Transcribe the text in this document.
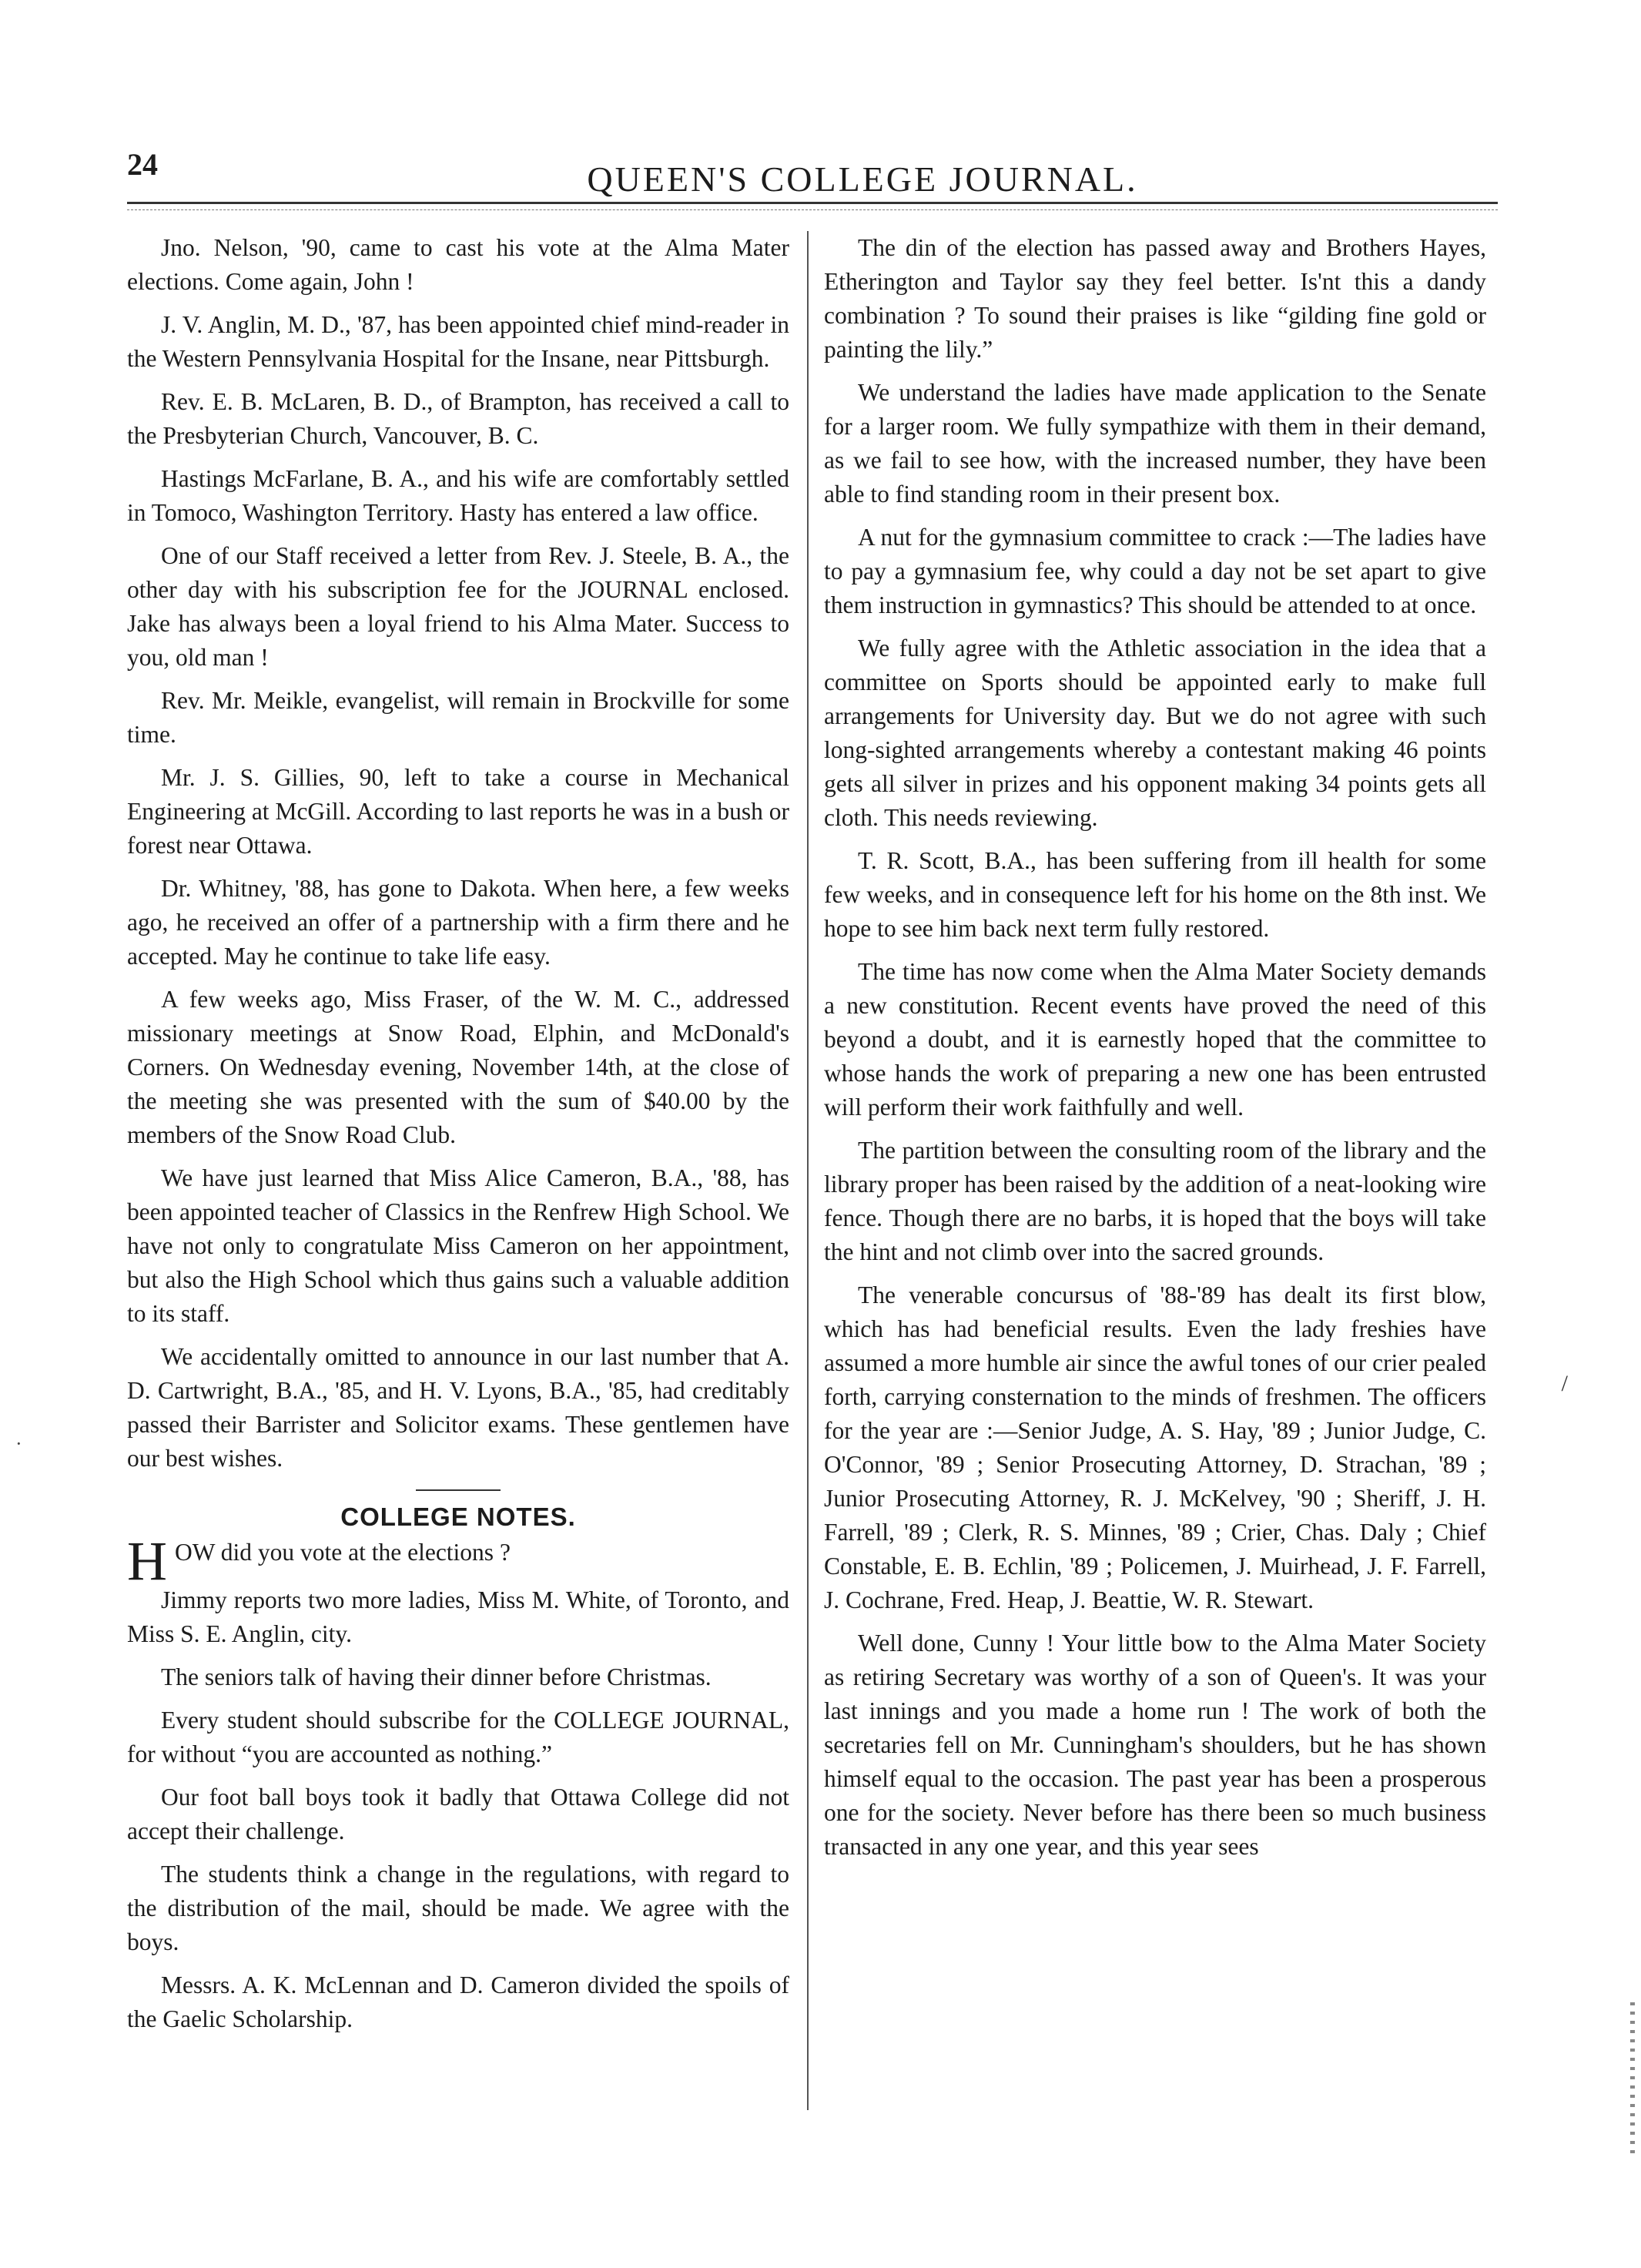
24	QUEEN'S COLLEGE JOURNAL.

Jno. Nelson, '90, came to cast his vote at the Alma Mater elections. Come again, John !

J. V. Anglin, M. D., '87, has been appointed chief mind-reader in the Western Pennsylvania Hospital for the Insane, near Pittsburgh.

Rev. E. B. McLaren, B. D., of Brampton, has received a call to the Presbyterian Church, Vancouver, B. C.

Hastings McFarlane, B. A., and his wife are comfortably settled in Tomoco, Washington Territory. Hasty has entered a law office.

One of our Staff received a letter from Rev. J. Steele, B. A., the other day with his subscription fee for the JOURNAL enclosed. Jake has always been a loyal friend to his Alma Mater. Success to you, old man !

Rev. Mr. Meikle, evangelist, will remain in Brockville for some time.

Mr. J. S. Gillies, 90, left to take a course in Mechanical Engineering at McGill. According to last reports he was in a bush or forest near Ottawa.

Dr. Whitney, '88, has gone to Dakota. When here, a few weeks ago, he received an offer of a partnership with a firm there and he accepted. May he continue to take life easy.

A few weeks ago, Miss Fraser, of the W. M. C., addressed missionary meetings at Snow Road, Elphin, and McDonald's Corners. On Wednesday evening, November 14th, at the close of the meeting she was presented with the sum of $40.00 by the members of the Snow Road Club.

We have just learned that Miss Alice Cameron, B.A., '88, has been appointed teacher of Classics in the Renfrew High School. We have not only to congratulate Miss Cameron on her appointment, but also the High School which thus gains such a valuable addition to its staff.

We accidentally omitted to announce in our last number that A. D. Cartwright, B.A., '85, and H. V. Lyons, B.A., '85, had creditably passed their Barrister and Solicitor exams. These gentlemen have our best wishes.

COLLEGE NOTES.

H OW did you vote at the elections ?

Jimmy reports two more ladies, Miss M. White, of Toronto, and Miss S. E. Anglin, city.

The seniors talk of having their dinner before Christmas.

Every student should subscribe for the COLLEGE JOURNAL, for without “you are accounted as nothing.”

Our foot ball boys took it badly that Ottawa College did not accept their challenge.

The students think a change in the regulations, with regard to the distribution of the mail, should be made. We agree with the boys.

Messrs. A. K. McLennan and D. Cameron divided the spoils of the Gaelic Scholarship.

The din of the election has passed away and Brothers Hayes, Etherington and Taylor say they feel better. Is'nt this a dandy combination ? To sound their praises is like “gilding fine gold or painting the lily.”

We understand the ladies have made application to the Senate for a larger room. We fully sympathize with them in their demand, as we fail to see how, with the increased number, they have been able to find standing room in their present box.

A nut for the gymnasium committee to crack :—The ladies have to pay a gymnasium fee, why could a day not be set apart to give them instruction in gymnastics? This should be attended to at once.

We fully agree with the Athletic association in the idea that a committee on Sports should be appointed early to make full arrangements for University day. But we do not agree with such long-sighted arrangements whereby a contestant making 46 points gets all silver in prizes and his opponent making 34 points gets all cloth. This needs reviewing.

T. R. Scott, B.A., has been suffering from ill health for some few weeks, and in consequence left for his home on the 8th inst. We hope to see him back next term fully restored.

The time has now come when the Alma Mater Society demands a new constitution. Recent events have proved the need of this beyond a doubt, and it is earnestly hoped that the committee to whose hands the work of preparing a new one has been entrusted will perform their work faithfully and well.

The partition between the consulting room of the library and the library proper has been raised by the addition of a neat-looking wire fence. Though there are no barbs, it is hoped that the boys will take the hint and not climb over into the sacred grounds.

The venerable concursus of '88-'89 has dealt its first blow, which has had beneficial results. Even the lady freshies have assumed a more humble air since the awful tones of our crier pealed forth, carrying consternation to the minds of freshmen. The officers for the year are :—Senior Judge, A. S. Hay, '89 ; Junior Judge, C. O'Connor, '89 ; Senior Prosecuting Attorney, D. Strachan, '89 ; Junior Prosecuting Attorney, R. J. McKelvey, '90 ; Sheriff, J. H. Farrell, '89 ; Clerk, R. S. Minnes, '89 ; Crier, Chas. Daly ; Chief Constable, E. B. Echlin, '89 ; Policemen, J. Muirhead, J. F. Farrell, J. Cochrane, Fred. Heap, J. Beattie, W. R. Stewart.

Well done, Cunny ! Your little bow to the Alma Mater Society as retiring Secretary was worthy of a son of Queen's. It was your last innings and you made a home run ! The work of both the secretaries fell on Mr. Cunningham's shoulders, but he has shown himself equal to the occasion. The past year has been a prosperous one for the society. Never before has there been so much business transacted in any one year, and this year sees

/
·
